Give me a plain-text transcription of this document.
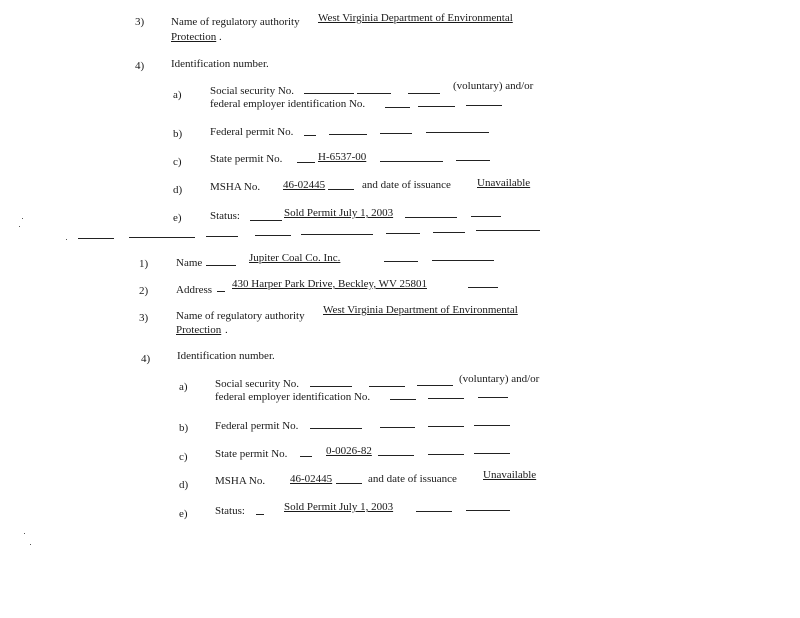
3) Name of regulatory authority West Virginia Department of Environmental
Protection .
4) Identification number.
a)	Social security No.	(voluntary) and/or
federal employer identification No.
b)	Federal permit No.
c)	State permit No.	H-6537-00
d)	MSHA No. 46-02445	and date of issuance Unavailable
e)	Status:	Sold Permit July 1, 2003
1)	Name	Jupiter Coal Co. Inc.
2)	Address 430 Harper Park Drive, Beckley, WV 25801
3)	Name of regulatory authority West Virginia Department of Environmental
Protection .
4) Identification number.
a) Social security No.	(voluntary) and/or
federal employer identification No.
b) Federal permit No.
c) State permit No.	0-0026-82
d) MSHA No. 46-02445	and date of issuance Unavailable
e) Status:	Sold Permit July 1, 2003
